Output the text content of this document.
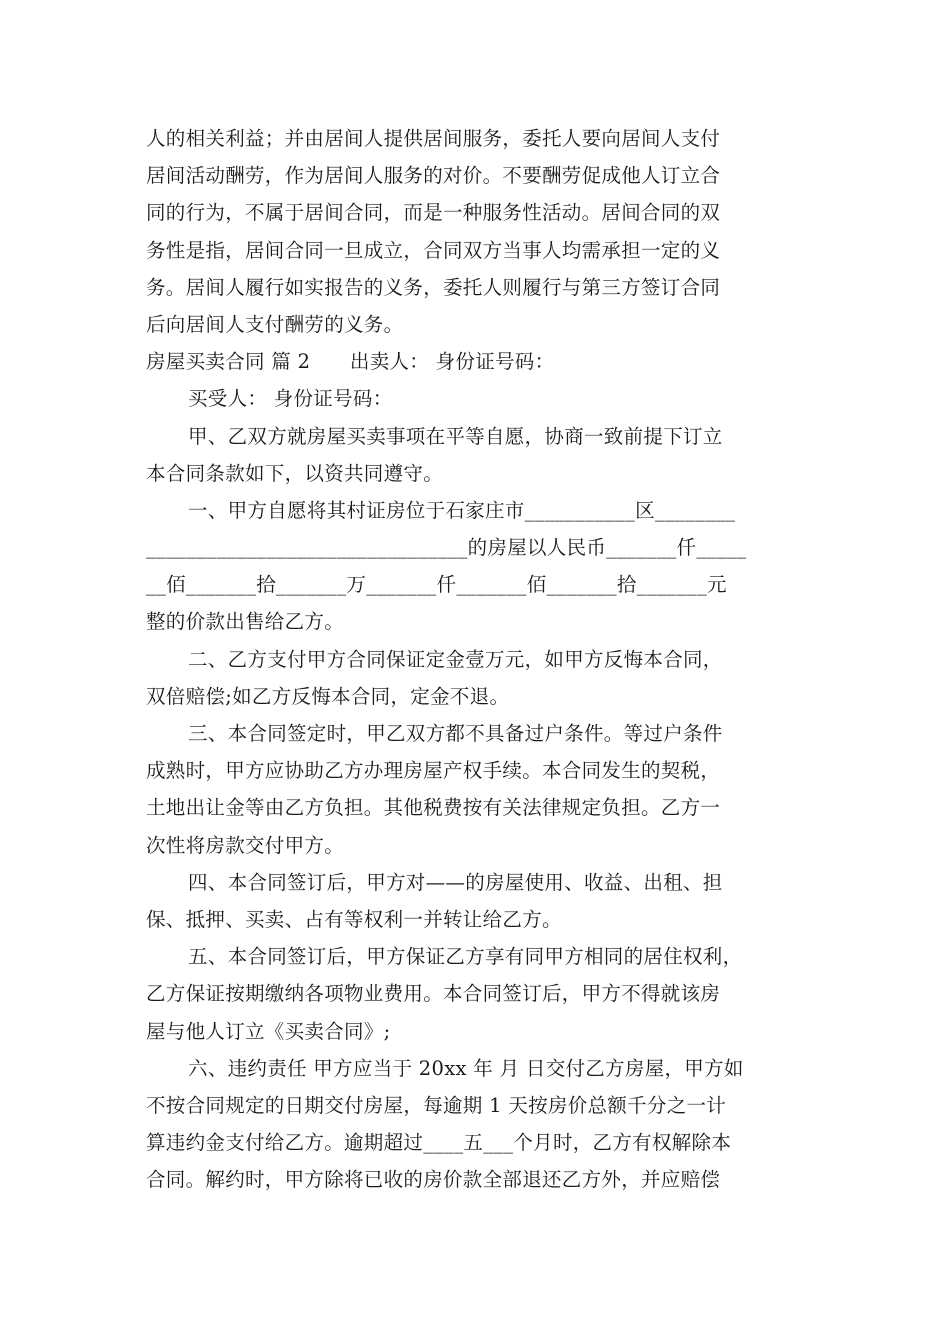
人的相关利益；并由居间人提供居间服务，委托人要向居间人支付
居间活动酬劳，作为居间人服务的对价。不要酬劳促成他人订立合
同的行为，不属于居间合同，而是一种服务性活动。居间合同的双
务性是指，居间合同一旦成立，合同双方当事人均需承担一定的义
务。居间人履行如实报告的义务，委托人则履行与第三方签订合同
后向居间人支付酬劳的义务。
房屋买卖合同 篇 2　　出卖人： 身份证号码：
买受人： 身份证号码：
甲、乙双方就房屋买卖事项在平等自愿，协商一致前提下订立
本合同条款如下，以资共同遵守。
一、甲方自愿将其村证房位于石家庄市___________区________
________________________________的房屋以人民币_______仟_____
__佰_______拾_______万_______仟_______佰_______拾_______元
整的价款出售给乙方。
二、乙方支付甲方合同保证定金壹万元，如甲方反悔本合同，
双倍赔偿;如乙方反悔本合同，定金不退。
三、本合同签定时，甲乙双方都不具备过户条件。等过户条件
成熟时，甲方应协助乙方办理房屋产权手续。本合同发生的契税，
土地出让金等由乙方负担。其他税费按有关法律规定负担。乙方一
次性将房款交付甲方。
四、本合同签订后，甲方对——的房屋使用、收益、出租、担
保、抵押、买卖、占有等权利一并转让给乙方。
五、本合同签订后，甲方保证乙方享有同甲方相同的居住权利，
乙方保证按期缴纳各项物业费用。本合同签订后，甲方不得就该房
屋与他人订立《买卖合同》;
六、违约责任 甲方应当于 20xx 年 月 日交付乙方房屋，甲方如
不按合同规定的日期交付房屋，每逾期 1 天按房价总额千分之一计
算违约金支付给乙方。逾期超过____五___个月时，乙方有权解除本
合同。解约时，甲方除将已收的房价款全部退还乙方外，并应赔偿
